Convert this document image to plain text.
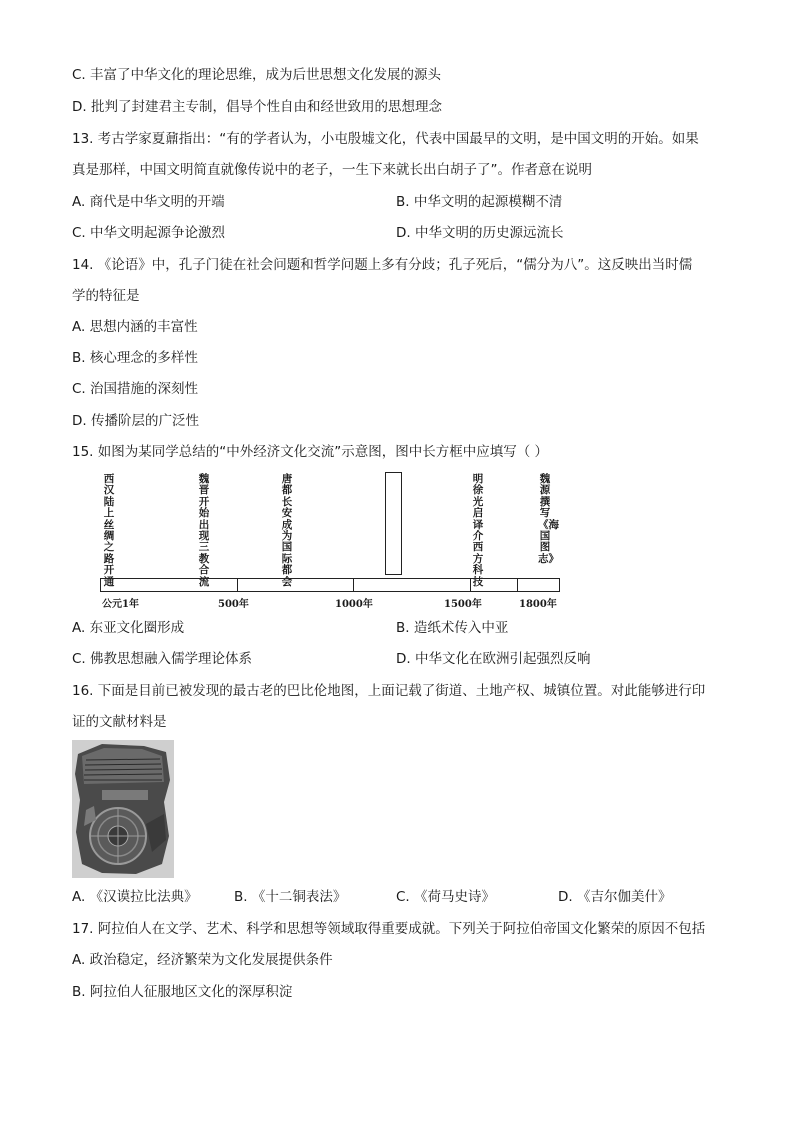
C. 丰富了中华文化的理论思维，成为后世思想文化发展的源头
D. 批判了封建君主专制，倡导个性自由和经世致用的思想理念
13. 考古学家夏鼐指出：“有的学者认为，小屯殷墟文化，代表中国最早的文明，是中国文明的开始。如果
真是那样，中国文明简直就像传说中的老子，一生下来就长出白胡子了”。作者意在说明
A. 商代是中华文明的开端	B. 中华文明的起源模糊不清
C. 中华文明起源争论激烈	D. 中华文明的历史源远流长
14. 《论语》中，孔子门徒在社会问题和哲学问题上多有分歧；孔子死后，“儒分为八”。这反映出当时儒
学的特征是
A. 思想内涵的丰富性
B. 核心理念的多样性
C. 治国措施的深刻性
D. 传播阶层的广泛性
15. 如图为某同学总结的“中外经济文化交流”示意图，图中长方框中应填写（ ）
西汉陆上丝绸之路开通
魏晋开始出现三教合流
唐都长安成为国际都会
明徐光启译介西方科技
魏源撰写《海国图志》
公元1年	500年	1000年	1500年	1800年
A. 东亚文化圈形成	B. 造纸术传入中亚
C. 佛教思想融入儒学理论体系	D. 中华文化在欧洲引起强烈反响
16. 下面是目前已被发现的最古老的巴比伦地图，上面记载了街道、土地产权、城镇位置。对此能够进行印
证的文献材料是
A. 《汉谟拉比法典》	B. 《十二铜表法》	C. 《荷马史诗》	D. 《吉尔伽美什》
17. 阿拉伯人在文学、艺术、科学和思想等领域取得重要成就。下列关于阿拉伯帝国文化繁荣的原因不包括
A. 政治稳定，经济繁荣为文化发展提供条件
B. 阿拉伯人征服地区文化的深厚积淀
